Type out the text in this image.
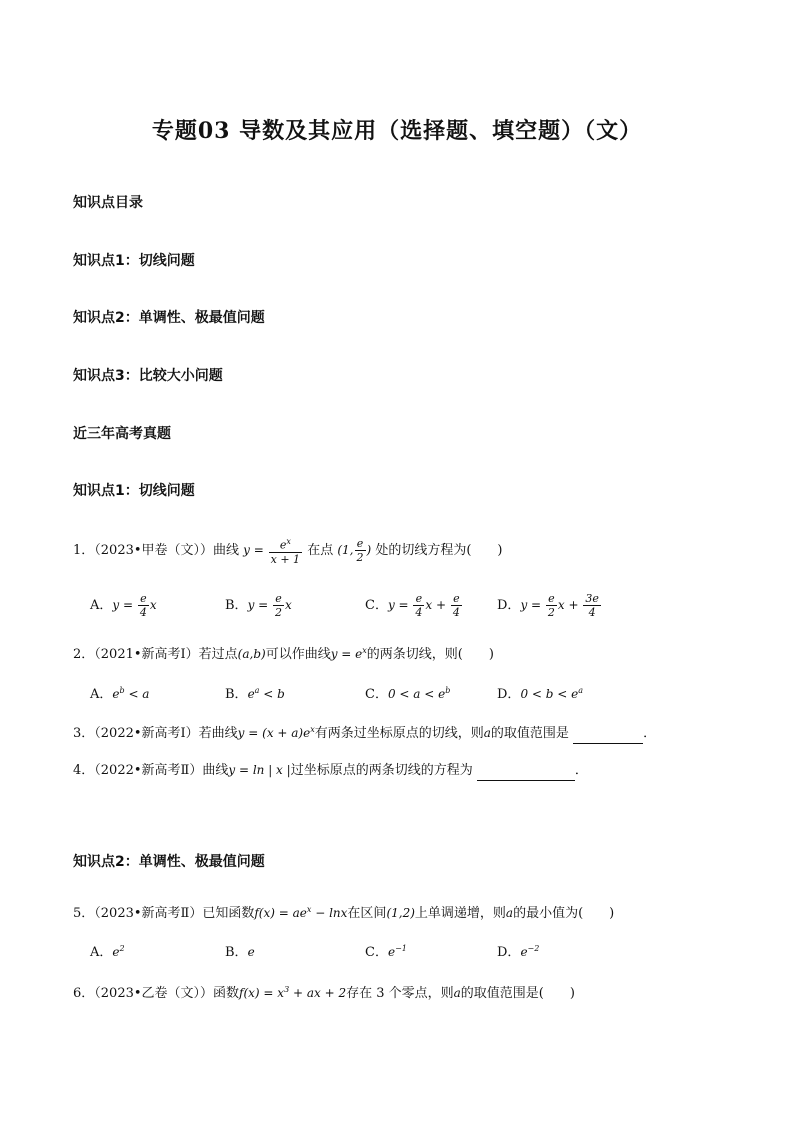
专题03 导数及其应用（选择题、填空题）（文）
知识点目录
知识点1：切线问题
知识点2：单调性、极最值问题
知识点3：比较大小问题
近三年高考真题
知识点1：切线问题
1．（2023•甲卷（文））曲线 $y = \frac{e^x}{x + 1}$ 在点 (1, $\frac{e}{2}$ ) 处的切线方程为(　　)
A．$y = \frac{e}{4}$ x	B．$y = \frac{e}{2}$ x	C．$y = \frac{e}{4}$ $x + \frac{e}{4}$	D．$y = \frac{e}{2}$ $x + \frac{3e}{4}$
2．（2021•新高考Ⅰ）若过点(a,b)可以作曲线$y = e^x$的两条切线，则(　　)
A．$e^b < a$	B．$e^a < b$	C．$0 < a < e^b$	D．$0 < b < e^a$
3．（2022•新高考Ⅰ）若曲线$y = (x + a)e^x$有两条过坐标原点的切线，则a的取值范围是	．
4．（2022•新高考Ⅱ）曲线y = ln | x |过坐标原点的两条切线的方程为	．
知识点2：单调性、极最值问题
5．（2023•新高考Ⅱ）已知函数$f(x) = ae^x - \ln x$在区间(1,2)上单调递增，则a的最小值为(　　)
A．$e^2$	B．e	C．$e^{-1}$	D．$e^{-2}$
6．（2023•乙卷（文））函数$f(x) = x^3$ + ax + 2存在 3 个零点，则a的取值范围是(　　)
